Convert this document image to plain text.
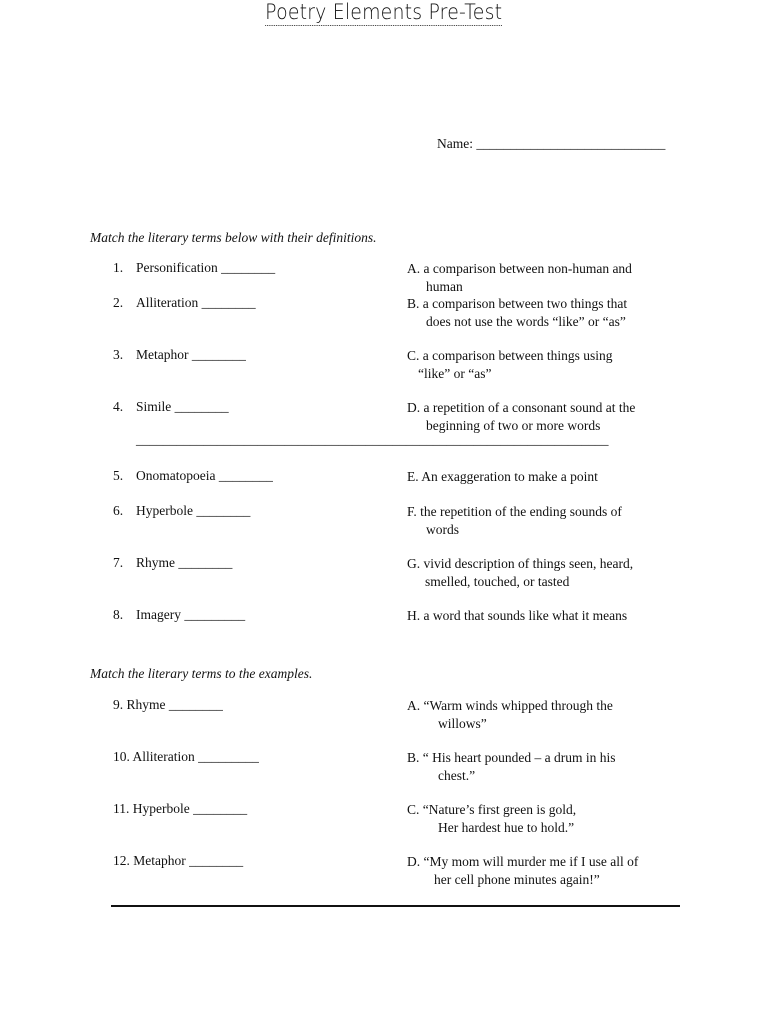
Name: ____________________________
Poetry Elements Pre-Test
Match the literary terms below with their definitions.
1. Personification ________
2. Alliteration ________
3. Metaphor ________
4. Simile ________
5. Onomatopoeia ________
6. Hyperbole ________
7. Rhyme ________
8. Imagery _________
A. a comparison between non-human and
human
B. a comparison between two things that
does not use the words “like” or “as”
C. a comparison between things using
“like” or “as”
D. a repetition of a consonant sound at the
beginning of two or more words
______________________________________________________________________
E. An exaggeration to make a point
F. the repetition of the ending sounds of
words
G. vivid description of things seen, heard,
smelled, touched, or tasted
H. a word that sounds like what it means
Match the literary terms to the examples.
9. Rhyme ________
10. Alliteration _________
11. Hyperbole ________
12. Metaphor ________
A. “Warm winds whipped through the
willows”
B. “ His heart pounded – a drum in his
chest.”
C. “Nature’s first green is gold,
Her hardest hue to hold.”
D. “My mom will murder me if I use all of
her cell phone minutes again!”
